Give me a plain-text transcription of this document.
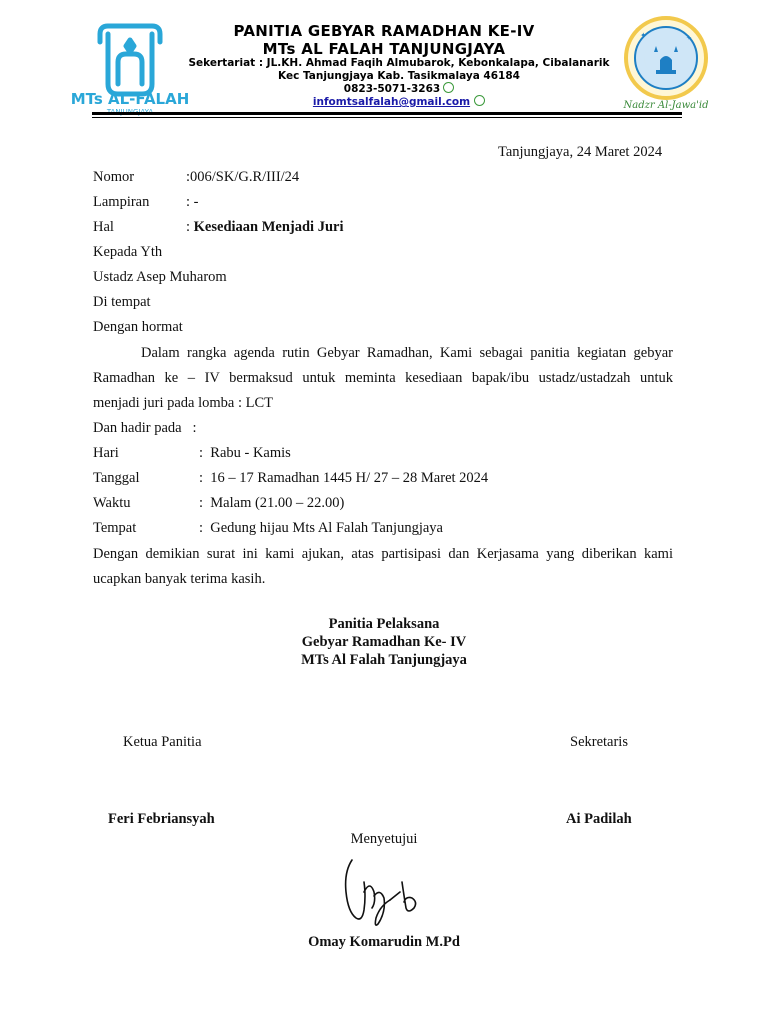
MTs AL-FALAH
✦	✦
Nadzr Al-Jawa'id
PANITIA GEBYAR RAMADHAN KE-IV
MTs AL FALAH TANJUNGJAYA
Sekertariat : JL.KH. Ahmad Faqih Almubarok, Kebonkalapa, Cibalanarik
Kec Tanjungjaya Kab. Tasikmalaya 46184
0823-5071-3263
infomtsalfalah@gmail.com
Tanjungjaya, 24 Maret 2024
Nomor	:006/SK/G.R/III/24
Lampiran	: -
Hal	: Kesediaan Menjadi Juri
Kepada Yth
Ustadz Asep Muharom
Di tempat
Dengan hormat
Dalam rangka agenda rutin Gebyar Ramadhan, Kami sebagai panitia kegiatan gebyar
Ramadhan ke – IV bermaksud untuk meminta kesediaan bapak/ibu ustadz/ustadzah untuk
menjadi juri pada lomba : LCT
Dan hadir pada   :
Hari	:  Rabu - Kamis
Tanggal	:  16 – 17 Ramadhan 1445 H/ 27 – 28 Maret 2024
Waktu	:  Malam (21.00 – 22.00)
Tempat	:  Gedung hijau Mts Al Falah Tanjungjaya
Dengan demikian surat ini kami ajukan, atas partisipasi dan Kerjasama yang diberikan kami
ucapkan banyak terima kasih.
Panitia Pelaksana
Gebyar Ramadhan Ke- IV
MTs Al Falah Tanjungjaya
Ketua Panitia	Sekretaris
Feri Febriansyah	Ai Padilah
Menyetujui
Omay Komarudin M.Pd
